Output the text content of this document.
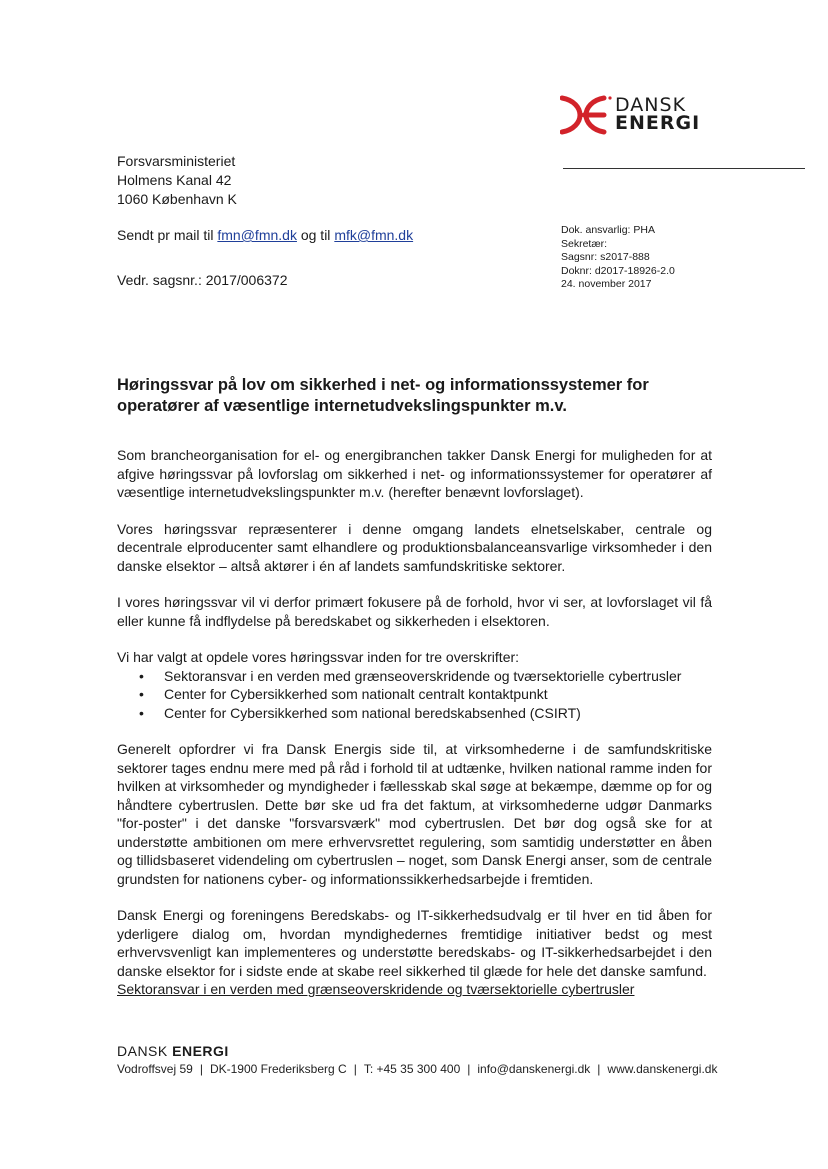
DANSK
ENERGI
Forsvarsministeriet
Holmens Kanal 42
1060 København K
Sendt pr mail til fmn@fmn.dk og til mfk@fmn.dk
Vedr. sagsnr.: 2017/006372
Dok. ansvarlig: PHA
Sekretær:
Sagsnr: s2017-888
Doknr: d2017-18926-2.0
24. november 2017
Høringssvar på lov om sikkerhed i net- og informationssystemer for operatører af væsentlige internetudvekslingspunkter m.v.

Som brancheorganisation for el- og energibranchen takker Dansk Energi for muligheden for at afgive høringssvar på lovforslag om sikkerhed i net- og informationssystemer for operatører af væsentlige internetudvekslingspunkter m.v. (herefter benævnt lovforslaget).

Vores høringssvar repræsenterer i denne omgang landets elnetselskaber, centrale og decentrale elproducenter samt elhandlere og produktionsbalanceansvarlige virksomheder i den danske elsektor – altså aktører i én af landets samfundskritiske sektorer.

I vores høringssvar vil vi derfor primært fokusere på de forhold, hvor vi ser, at lovforslaget vil få eller kunne få indflydelse på beredskabet og sikkerheden i elsektoren.

Vi har valgt at opdele vores høringssvar inden for tre overskrifter:

• Sektoransvar i en verden med grænseoverskridende og tværsektorielle cybertrusler
• Center for Cybersikkerhed som nationalt centralt kontaktpunkt
• Center for Cybersikkerhed som national beredskabsenhed (CSIRT)

Generelt opfordrer vi fra Dansk Energis side til, at virksomhederne i de samfundskritiske sektorer tages endnu mere med på råd i forhold til at udtænke, hvilken national ramme inden for hvilken at virksomheder og myndigheder i fællesskab skal søge at bekæmpe, dæmme op for og håndtere cybertruslen. Dette bør ske ud fra det faktum, at virksomhederne udgør Danmarks "for-poster" i det danske "forsvarsværk" mod cybertruslen. Det bør dog også ske for at understøtte ambitionen om mere erhvervsrettet regulering, som samtidig understøtter en åben og tillidsbaseret videndeling om cybertruslen – noget, som Dansk Energi anser, som de centrale grundsten for nationens cyber- og informationssikkerhedsarbejde i fremtiden.

Dansk Energi og foreningens Beredskabs- og IT-sikkerhedsudvalg er til hver en tid åben for yderligere dialog om, hvordan myndighedernes fremtidige initiativer bedst og mest erhvervsvenligt kan implementeres og understøtte beredskabs- og IT-sikkerhedsarbejdet i den danske elsektor for i sidste ende at skabe reel sikkerhed til glæde for hele det danske samfund.

Sektoransvar i en verden med grænseoverskridende og tværsektorielle cybertrusler
DANSK ENERGI
Vodroffsvej 59 | DK-1900 Frederiksberg C | T: +45 35 300 400 | info@danskenergi.dk | www.danskenergi.dk
